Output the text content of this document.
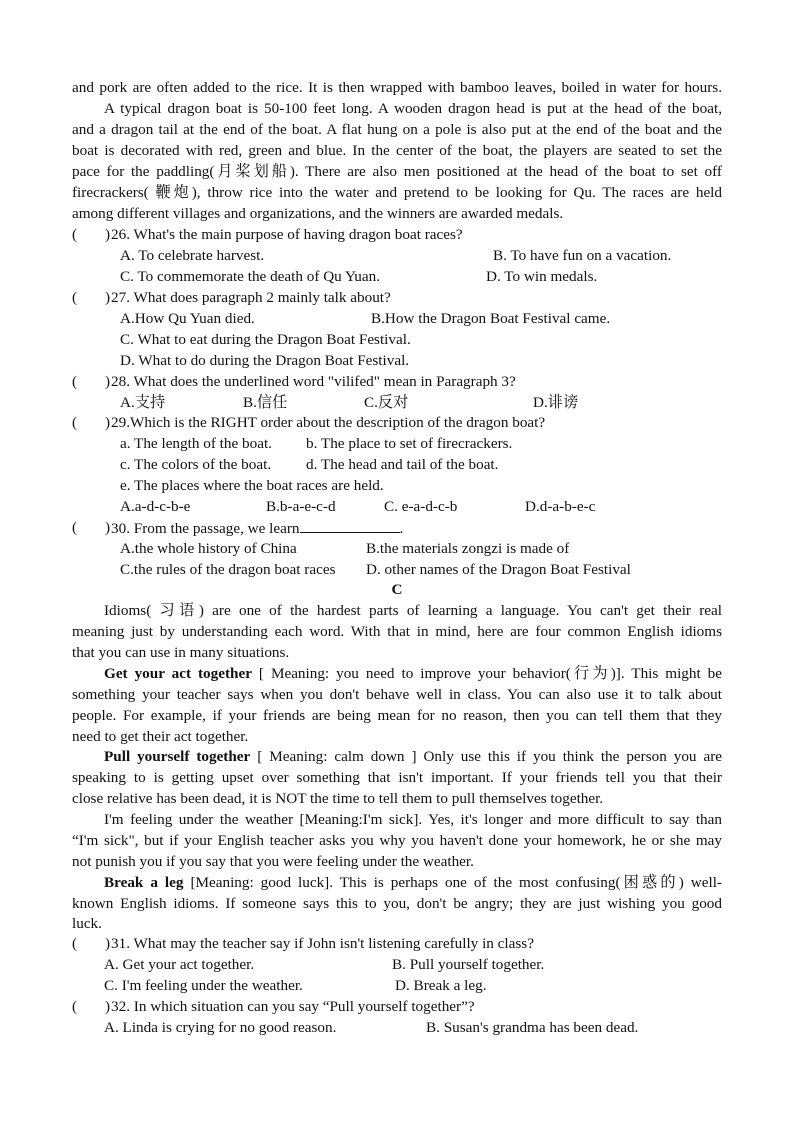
and pork are often added to the rice. It is then wrapped with bamboo leaves, boiled in water for hours.
A typical dragon boat is 50-100 feet long. A wooden dragon head is put at the head of the boat,
and a dragon tail at the end of the boat. A flat hung on a pole is also put at the end of the boat and the
boat is decorated with red, green and blue. In the center of the boat, the players are seated to set the
pace for the paddling(月桨划船). There are also men positioned at the head of the boat to set off
firecrackers( 鞭炮), throw rice into the water and pretend to be looking for Qu. The races are held
among different villages and organizations, and the winners are awarded medals.
( ) 26. What's the main purpose of having dragon boat races?
A. To celebrate harvest.	B. To have fun on a vacation.
C. To commemorate the death of Qu Yuan.	D. To win medals.
( ) 27. What does paragraph 2 mainly talk about?
A.How Qu Yuan died.	B.How the Dragon Boat Festival came.
C. What to eat during the Dragon Boat Festival.
D. What to do during the Dragon Boat Festival.
( ) 28. What does the underlined word "vilifed" mean in Paragraph 3?
A.支持	B.信任	C.反对	D.诽谤
( ) 29.Which is the RIGHT order about the description of the dragon boat?
a. The length of the boat. b. The place to set of firecrackers.
c. The colors of the boat. d. The head and tail of the boat.
e. The places where the boat races are held.
A.a-d-c-b-e	B.b-a-e-c-d	C. e-a-d-c-b	D.d-a-b-e-c
( ) 30. From the passage, we learn	.
A.the whole history of China	B.the materials zongzi is made of
C.the rules of the dragon boat races D. other names of the Dragon Boat Festival
C
Idioms( 习语) are one of the hardest parts of learning a language. You can't get their real
meaning just by understanding each word. With that in mind, here are four common English idioms
that you can use in many situations.
Get your act together [ Meaning: you need to improve your behavior(行为)]. This might be
something your teacher says when you don't behave well in class. You can also use it to talk about
people. For example, if your friends are being mean for no reason, then you can tell them that they
need to get their act together.
Pull yourself together [ Meaning: calm down ] Only use this if you think the person you are
speaking to is getting upset over something that isn't important. If your friends tell you that their
close relative has been dead, it is NOT the time to tell them to pull themselves together.
I'm feeling under the weather [Meaning:I'm sick]. Yes, it's longer and more difficult to say than
“I'm sick", but if your English teacher asks you why you haven't done your homework, he or she may
not punish you if you say that you were feeling under the weather.
Break a leg [Meaning: good luck]. This is perhaps one of the most confusing(困惑的) well-
known English idioms. If someone says this to you, don't be angry; they are just wishing you good
luck.
( ) 31. What may the teacher say if John isn't listening carefully in class?
A. Get your act together.	B. Pull yourself together.
C. I'm feeling under the weather.	D. Break a leg.
( ) 32. In which situation can you say “Pull yourself together”?
A. Linda is crying for no good reason.	B. Susan's grandma has been dead.
